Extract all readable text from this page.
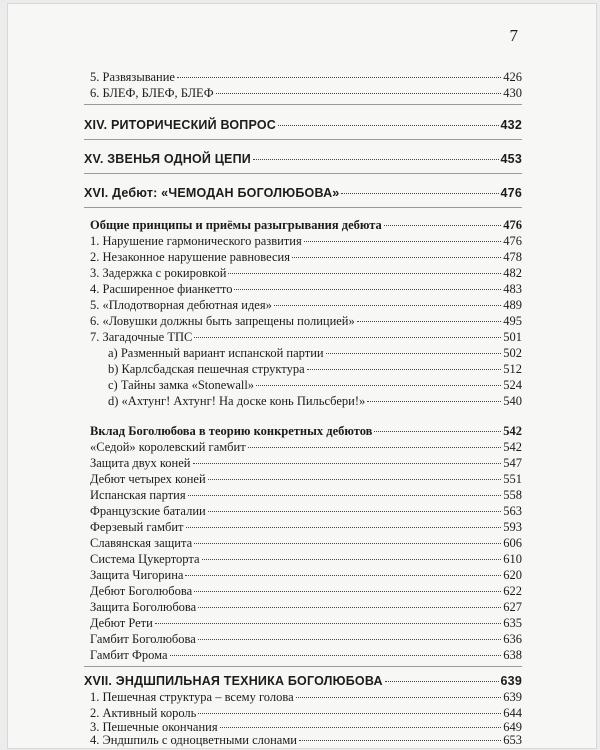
7
5. Развязывание	426
6. БЛЕФ, БЛЕФ, БЛЕФ	430
XIV. РИТОРИЧЕСКИЙ ВОПРОС	432
XV. ЗВЕНЬЯ ОДНОЙ ЦЕПИ	453
XVI. Дебют: «ЧЕМОДАН БОГОЛЮБОВА»	476
Общие принципы и приёмы разыгрывания дебюта	476
1. Нарушение гармонического развития	476
2. Незаконное нарушение равновесия	478
3. Задержка с рокировкой	482
4. Расширенное фианкетто	483
5. «Плодотворная дебютная идея»	489
6. «Ловушки должны быть запрещены полицией»	495
7. Загадочные ТПС	501
a) Разменный вариант испанской партии	502
b) Карлсбадская пешечная структура	512
c) Тайны замка «Stonewall»	524
d) «Ахтунг! Ахтунг! На доске конь Пильсбери!»	540
Вклад Боголюбова в теорию конкретных дебютов	542
«Седой» королевский гамбит	542
Защита двух коней	547
Дебют четырех коней	551
Испанская партия	558
Французские баталии	563
Ферзевый гамбит	593
Славянская защита	606
Система Цукерторта	610
Защита Чигорина	620
Дебют Боголюбова	622
Защита Боголюбова	627
Дебют Рети	635
Гамбит Боголюбова	636
Гамбит Фрома	638
XVII. ЭНДШПИЛЬНАЯ ТЕХНИКА БОГОЛЮБОВА	639
1. Пешечная структура – всему голова	639
2. Активный король	644
3. Пешечные окончания	649
4. Эндшпиль с одноцветными слонами	653
